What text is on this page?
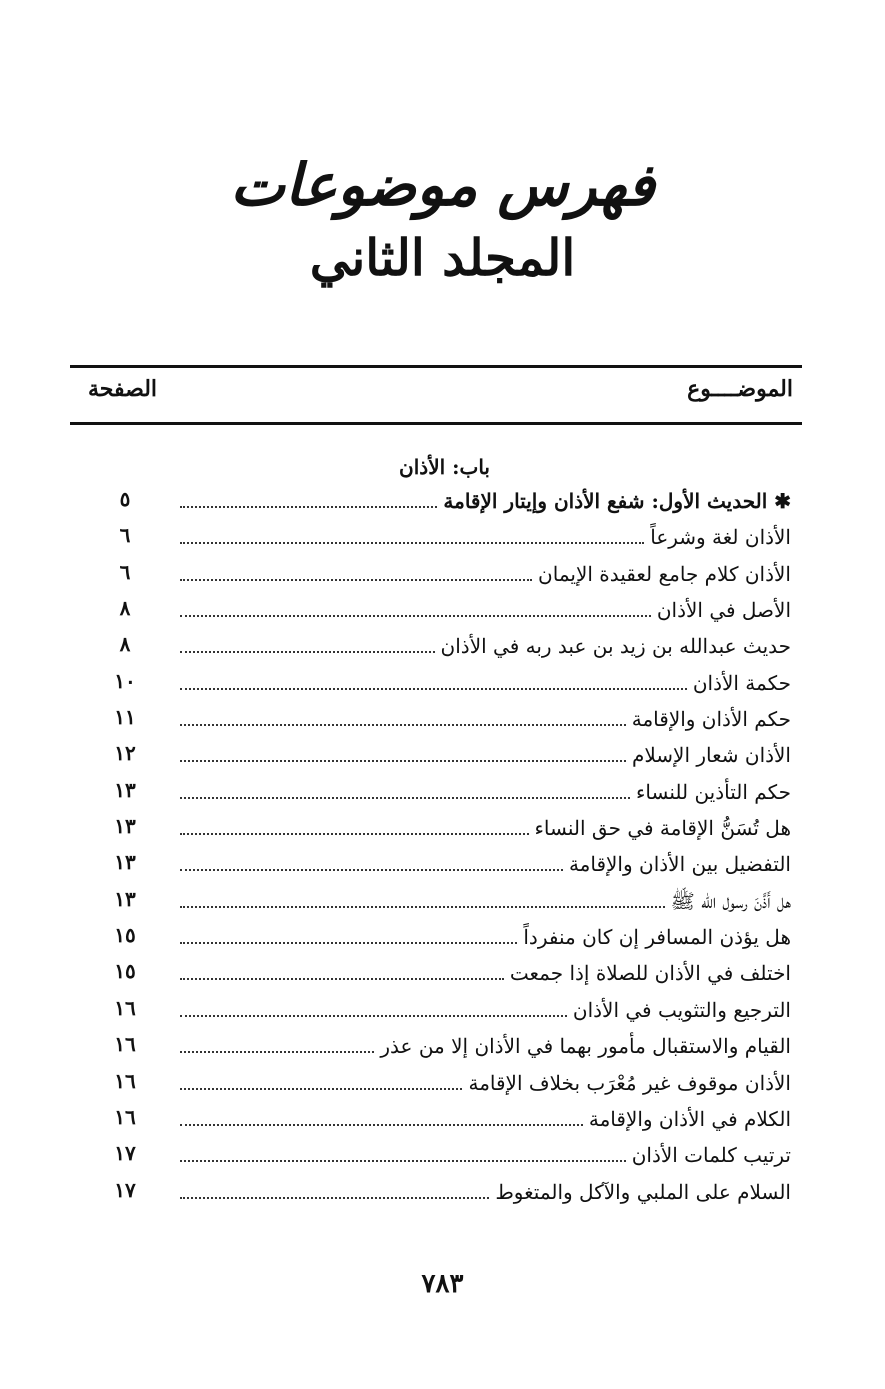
فهرس موضوعات
المجلد الثاني
الموضــــوع
الصفحة
باب: الأذان
✱ الحديث الأول: شفع الأذان وإيتار الإقامة
٥
الأذان لغة وشرعاً
٦
الأذان كلام جامع لعقيدة الإيمان
٦
الأصل في الأذان
٨
حديث عبدالله بن زيد بن عبد ربه في الأذان
٨
حكمة الأذان
١٠
حكم الأذان والإقامة
١١
الأذان شعار الإسلام
١٢
حكم التأذين للنساء
١٣
هل تُسَنُّ الإقامة في حق النساء
١٣
التفضيل بين الأذان والإقامة
١٣
هل أَذَّنَ رسول الله ﷺ
١٣
هل يؤذن المسافر إن كان منفرداً
١٥
اختلف في الأذان للصلاة إذا جمعت
١٥
الترجيع والتثويب في الأذان
١٦
القيام والاستقبال مأمور بهما في الأذان إلا من عذر
١٦
الأذان موقوف غير مُعْرَب بخلاف الإقامة
١٦
الكلام في الأذان والإقامة
١٦
ترتيب كلمات الأذان
١٧
السلام على الملبي والآكل والمتغوط
١٧
٧٨٣
